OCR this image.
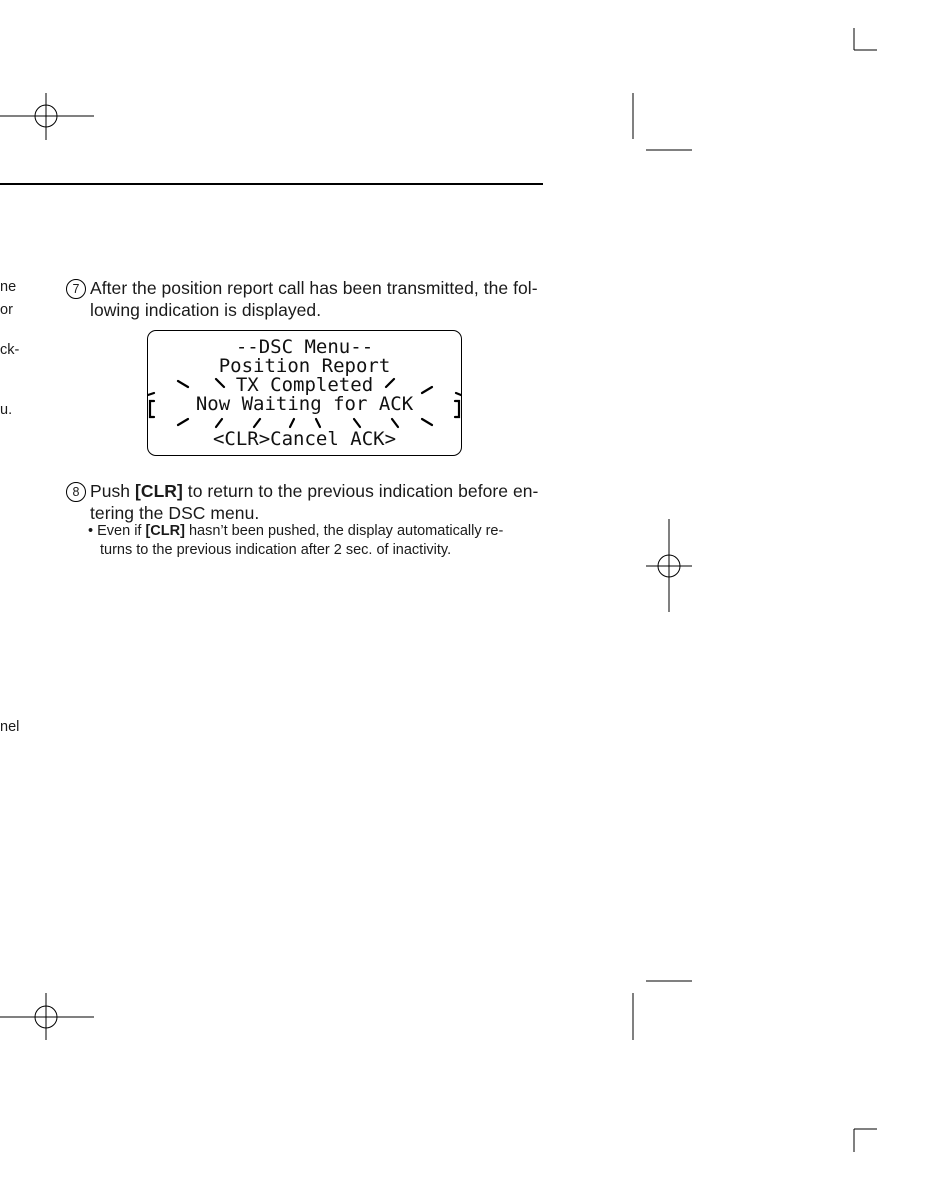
ne
or
ck-
u.
nel
7 After the position report call has been transmitted, the fol-
lowing indication is displayed.
--DSC Menu--
Position Report
TX Completed
Now Waiting for ACK
<CLR>Cancel ACK>
8 Push [CLR] to return to the previous indication before en-
tering the DSC menu.
• Even if [CLR] hasn’t been pushed, the display automatically re-
turns to the previous indication after 2 sec. of inactivity.
